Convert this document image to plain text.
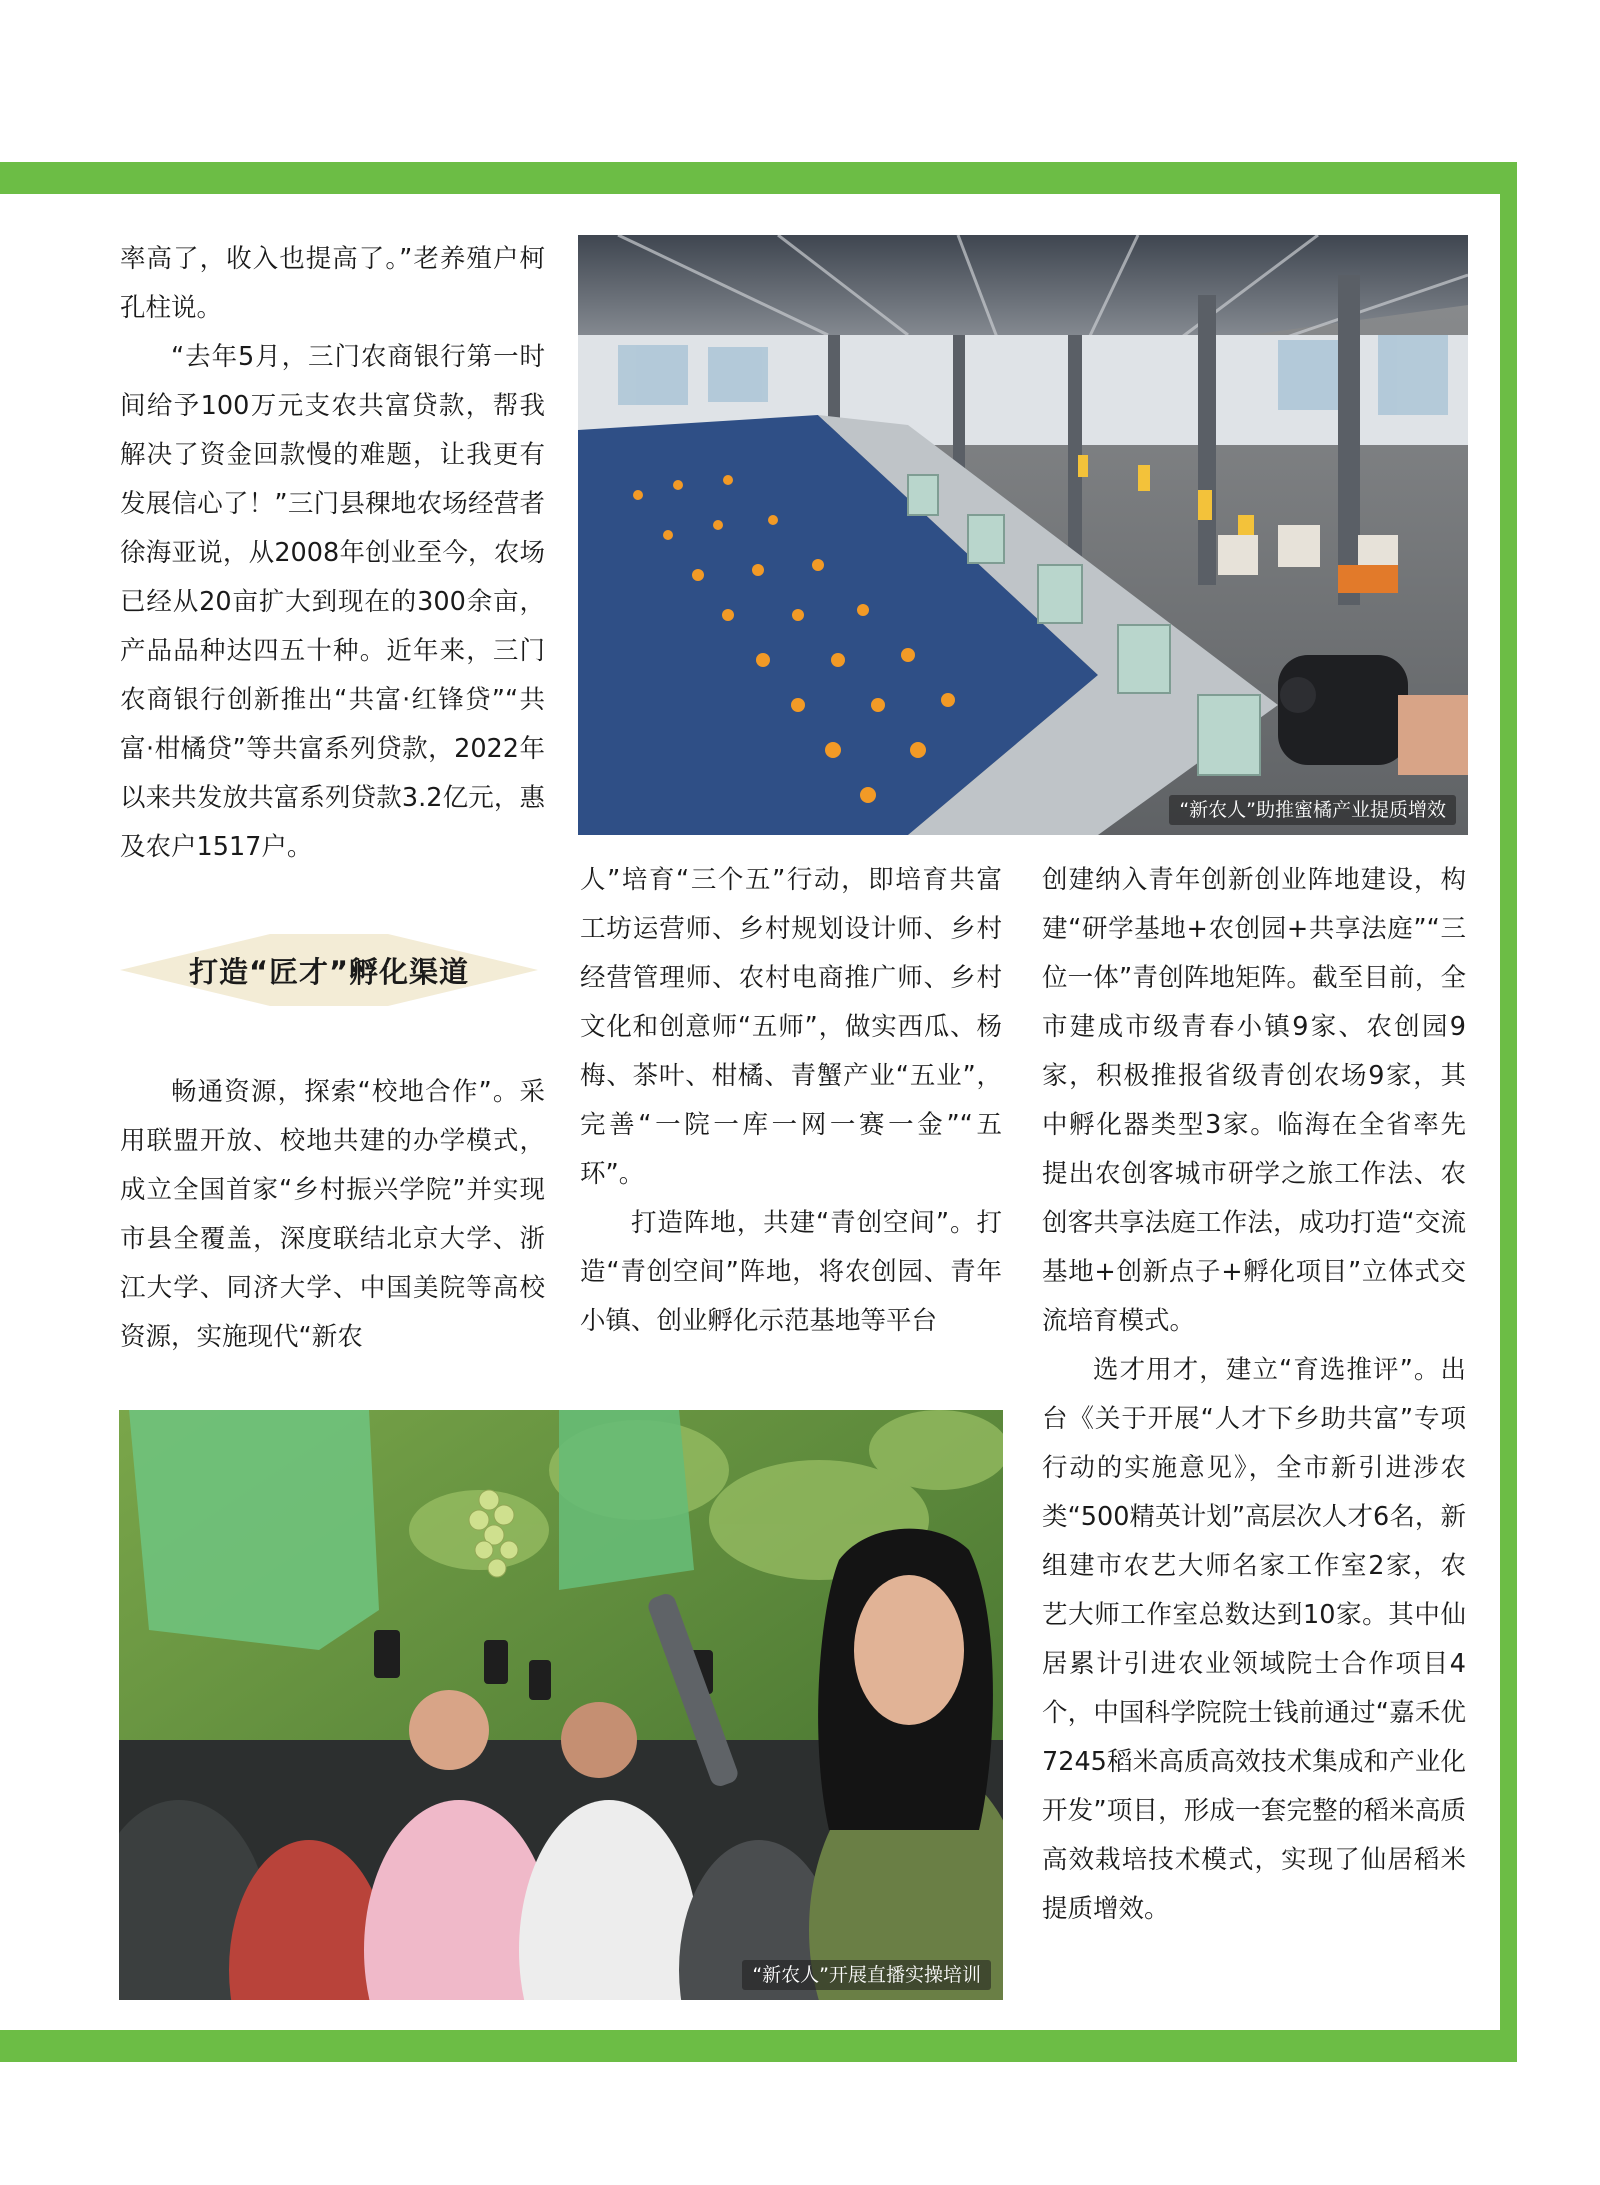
率高了，收入也提高了。”老养殖户柯孔柱说。

“去年5月，三门农商银行第一时间给予100万元支农共富贷款，帮我解决了资金回款慢的难题，让我更有发展信心了！”三门县稞地农场经营者徐海亚说，从2008年创业至今，农场已经从20亩扩大到现在的300余亩，产品品种达四五十种。近年来，三门农商银行创新推出“共富·红锋贷”“共富·柑橘贷”等共富系列贷款，2022年以来共发放共富系列贷款3.2亿元，惠及农户1517户。

打造“匠才”孵化渠道

畅通资源，探索“校地合作”。采用联盟开放、校地共建的办学模式，成立全国首家“乡村振兴学院”并实现市县全覆盖，深度联结北京大学、浙江大学、同济大学、中国美院等高校资源，实施现代“新农

人”培育“三个五”行动，即培育共富工坊运营师、乡村规划设计师、乡村经营管理师、农村电商推广师、乡村文化和创意师“五师”，做实西瓜、杨梅、茶叶、柑橘、青蟹产业“五业”，完善“一院一库一网一赛一金”“五环”。

打造阵地，共建“青创空间”。打造“青创空间”阵地，将农创园、青年小镇、创业孵化示范基地等平台

创建纳入青年创新创业阵地建设，构建“研学基地+农创园+共享法庭”“三位一体”青创阵地矩阵。截至目前，全市建成市级青春小镇9家、农创园9家，积极推报省级青创农场9家，其中孵化器类型3家。临海在全省率先提出农创客城市研学之旅工作法、农创客共享法庭工作法，成功打造“交流基地+创新点子+孵化项目”立体式交流培育模式。

选才用才，建立“育选推评”。出台《关于开展“人才下乡助共富”专项行动的实施意见》，全市新引进涉农类“500精英计划”高层次人才6名，新组建市农艺大师名家工作室2家，农艺大师工作室总数达到10家。其中仙居累计引进农业领域院士合作项目4个，中国科学院院士钱前通过“嘉禾优7245稻米高质高效技术集成和产业化开发”项目，形成一套完整的稻米高质高效栽培技术模式，实现了仙居稻米提质增效。

“新农人”助推蜜橘产业提质增效
“新农人”开展直播实操培训
